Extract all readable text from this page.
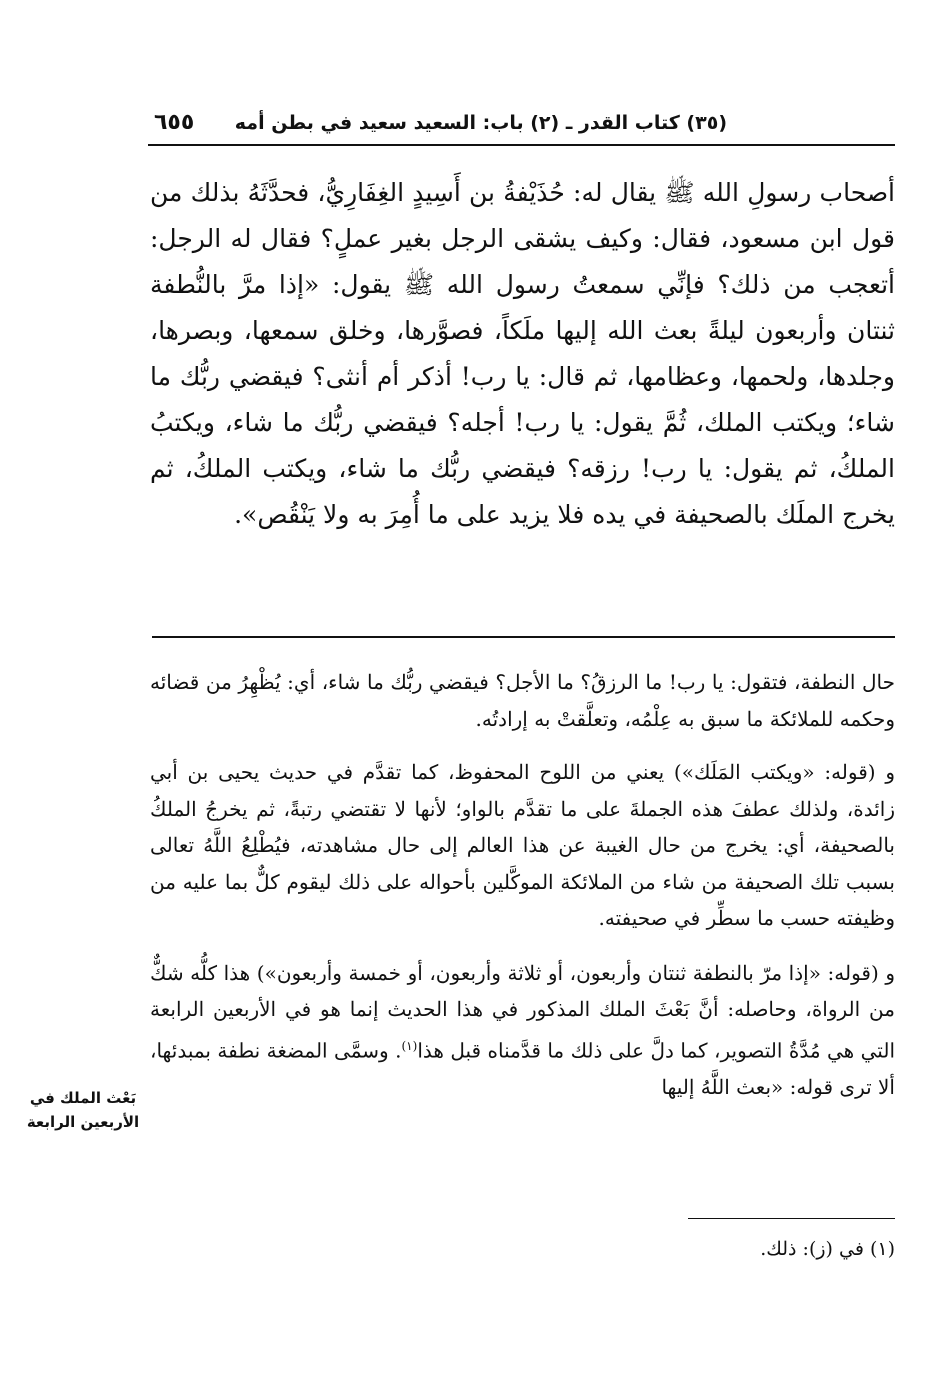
(٣٥) كتاب القدر ـ (٢) باب: السعيد سعيد في بطن أمه
٦٥٥
أصحاب رسولِ الله ﷺ يقال له: حُذَيْفةُ بن أَسِيدٍ الغِفَارِيُّ، فحدَّثَهُ بذلك من قول ابن مسعود، فقال: وكيف يشقى الرجل بغير عملٍ؟ فقال له الرجل: أتعجب من ذلك؟ فإنِّي سمعتُ رسول الله ﷺ يقول: «إذا مرَّ بالنُّطفة ثنتان وأربعون ليلةً بعث الله إليها ملَكاً، فصوَّرها، وخلق سمعها، وبصرها، وجلدها، ولحمها، وعظامها، ثم قال: يا رب! أذكر أم أنثى؟ فيقضي ربُّك ما شاء؛ ويكتب الملك، ثُمَّ يقول: يا رب! أجله؟ فيقضي ربُّك ما شاء، ويكتبُ الملكُ، ثم يقول: يا رب! رزقه؟ فيقضي ربُّك ما شاء، ويكتب الملكُ، ثم يخرج الملَك بالصحيفة في يده فلا يزيد على ما أُمِرَ به ولا يَنْقُص».

حال النطفة، فتقول: يا رب! ما الرزقُ؟ ما الأجل؟ فيقضي ربُّك ما شاء، أي: يُظْهِرُ من قضائه وحكمه للملائكة ما سبق به عِلْمُه، وتعلَّقتْ به إرادتُه.

و (قوله: «ويكتب المَلَك») يعني من اللوح المحفوظ، كما تقدَّم في حديث يحيى بن أبي زائدة، ولذلك عطفَ هذه الجملةَ على ما تقدَّم بالواو؛ لأنها لا تقتضي رتبةً، ثم يخرجُ الملكُ بالصحيفة، أي: يخرج من حال الغيبة عن هذا العالم إلى حال مشاهدته، فيُطْلِعُ اللَّهُ تعالى بسبب تلك الصحيفة من شاء من الملائكة الموكَّلين بأحواله على ذلك ليقوم كلٌّ بما عليه من وظيفته حسب ما سطِّر في صحيفته.

و (قوله: «إذا مرّ بالنطفة ثنتان وأربعون، أو ثلاثة وأربعون، أو خمسة وأربعون») هذا كلُّه شكٌّ من الرواة، وحاصله: أنَّ بَعْثَ الملك المذكور في هذا الحديث إنما هو في الأربعين الرابعة التي هي مُدَّةُ التصوير، كما دلَّ على ذلك ما قدَّمناه قبل هذا$^{(١)}$. وسمَّى المضغة نطفة بمبدئها، ألا ترى قوله: «بعث اللَّهُ إليها

بَعْث الملك في الأربعين الرابعة
(١) في (ز): ذلك.
